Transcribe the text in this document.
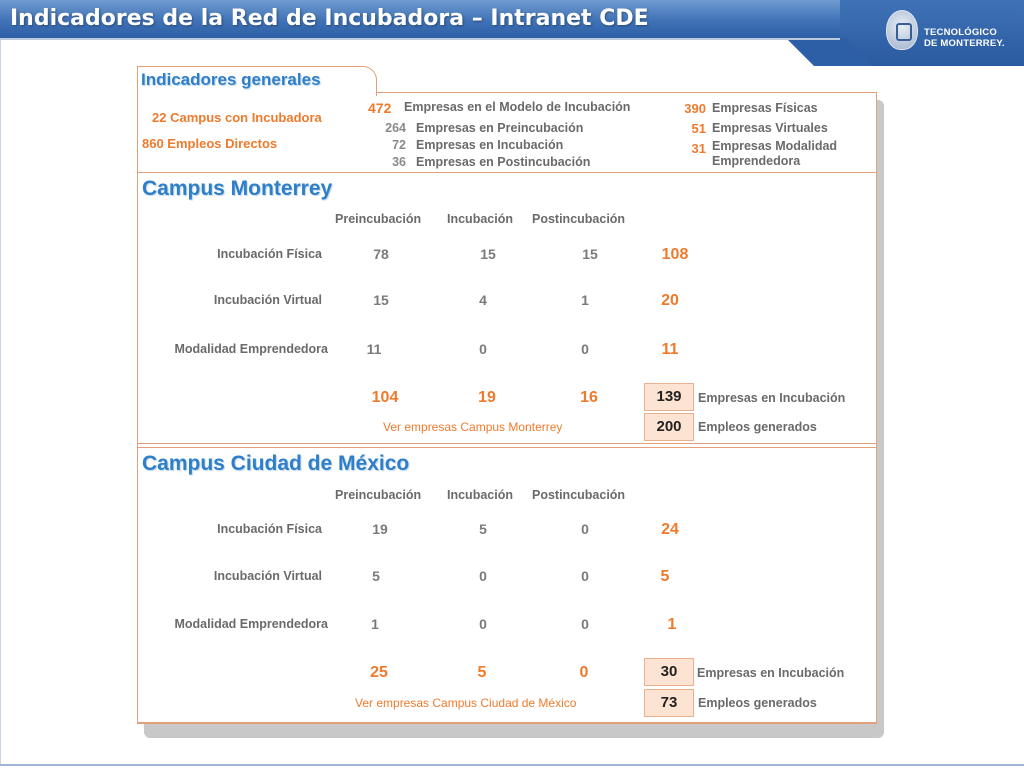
Indicadores de la Red de Incubadora – Intranet CDE
TECNOLÓGICO
DE MONTERREY.
Indicadores generales
22 Campus con Incubadora
860 Empleos Directos
472 Empresas en el Modelo de Incubación
264 Empresas en Preincubación
72 Empresas en Incubación
36 Empresas en Postincubación
390 Empresas Físicas
51 Empresas Virtuales
31 Empresas Modalidad
Emprendedora
Campus Monterrey
Preincubación Incubación Postincubación
Incubación Física	78	15	15	108
Incubación Virtual	15	4	1	20
Modalidad Emprendedora	11	0	0	11
104	19	16	139	Empresas en Incubación
Ver empresas Campus Monterrey	200	Empleos generados
Campus Ciudad de México
Preincubación Incubación Postincubación
Incubación Física	19	5	0	24
Incubación Virtual	5	0	0	5
Modalidad Emprendedora	1	0	0	1
25	5	0	30	Empresas en Incubación
Ver empresas Campus Ciudad de México	73	Empleos generados
